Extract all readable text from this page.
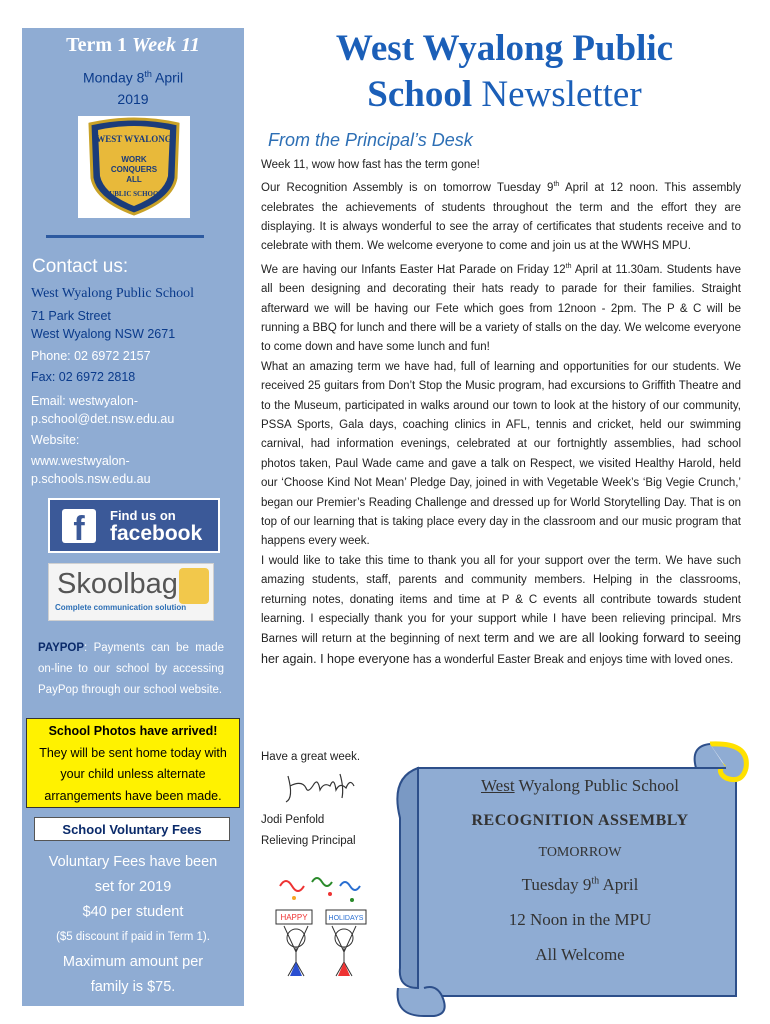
Term 1 Week 11
Monday 8th April
2019
WEST WYALONG
WORK
CONQUERS
ALL
PUBLIC SCHOOL
Contact us:
West Wyalong Public School
71 Park Street
West Wyalong NSW 2671
Phone: 02 6972 2157
Fax: 02 6972 2818
Email: westwyalon-
p.school@det.nsw.edu.au
Website:
www.westwyalon-
p.schools.nsw.edu.au
f	Find us on
facebook
Skoolbag
Complete communication solution
PAYPOP: Payments can be made on-line to our school by accessing PayPop through our school website.
School Photos have arrived!
They will be sent home today with your child unless alternate arrangements have been made.
School Voluntary Fees
Voluntary Fees have been
set for 2019
$40 per student
($5 discount if paid in Term 1).
Maximum amount per
family is $75.
West Wyalong Public
School Newsletter
From the Principal’s Desk

Week 11, wow how fast has the term gone!

Our Recognition Assembly is on tomorrow Tuesday 9th April at 12 noon. This assembly celebrates the achievements of students throughout the term and the effort they are displaying. It is always wonderful to see the array of certificates that students receive and to celebrate with them. We welcome everyone to come and join us at the WWHS MPU.

We are having our Infants Easter Hat Parade on Friday 12th April at 11.30am. Students have all been designing and decorating their hats ready to parade for their families. Straight afterward we will be having our Fete which goes from 12noon - 2pm. The P & C will be running a BBQ for lunch and there will be a variety of stalls on the day. We welcome everyone to come down and have some lunch and fun!

What an amazing term we have had, full of learning and opportunities for our students. We received 25 guitars from Don’t Stop the Music program, had excursions to Griffith Theatre and to the Museum, participated in walks around our town to look at the history of our community, PSSA Sports, Gala days, coaching clinics in AFL, tennis and cricket, held our swimming carnival, had information evenings, celebrated at our fortnightly assemblies, had school photos taken, Paul Wade came and gave a talk on Respect, we visited Healthy Harold, held our ‘Choose Kind Not Mean’ Pledge Day, joined in with Vegetable Week’s ‘Big Vegie Crunch,’ began our Premier’s Reading Challenge and dressed up for World Storytelling Day. That is on top of our learning that is taking place every day in the classroom and our music program that happens every week.

I would like to take this time to thank you all for your support over the term. We have such amazing students, staff, parents and community members. Helping in the classrooms, returning notes, donating items and time at P & C events all contribute towards student learning. I especially thank you for your support while I have been relieving principal. Mrs Barnes will return at the beginning of next term and we are all looking forward to seeing her again. I hope everyone has a wonderful Easter Break and enjoys time with loved ones.

Have a great week.
Jodi Penfold
Relieving Principal
HAPPY	HOLIDAYS
West Wyalong Public School
RECOGNITION ASSEMBLY
TOMORROW
Tuesday 9th April
12 Noon in the MPU
All Welcome
